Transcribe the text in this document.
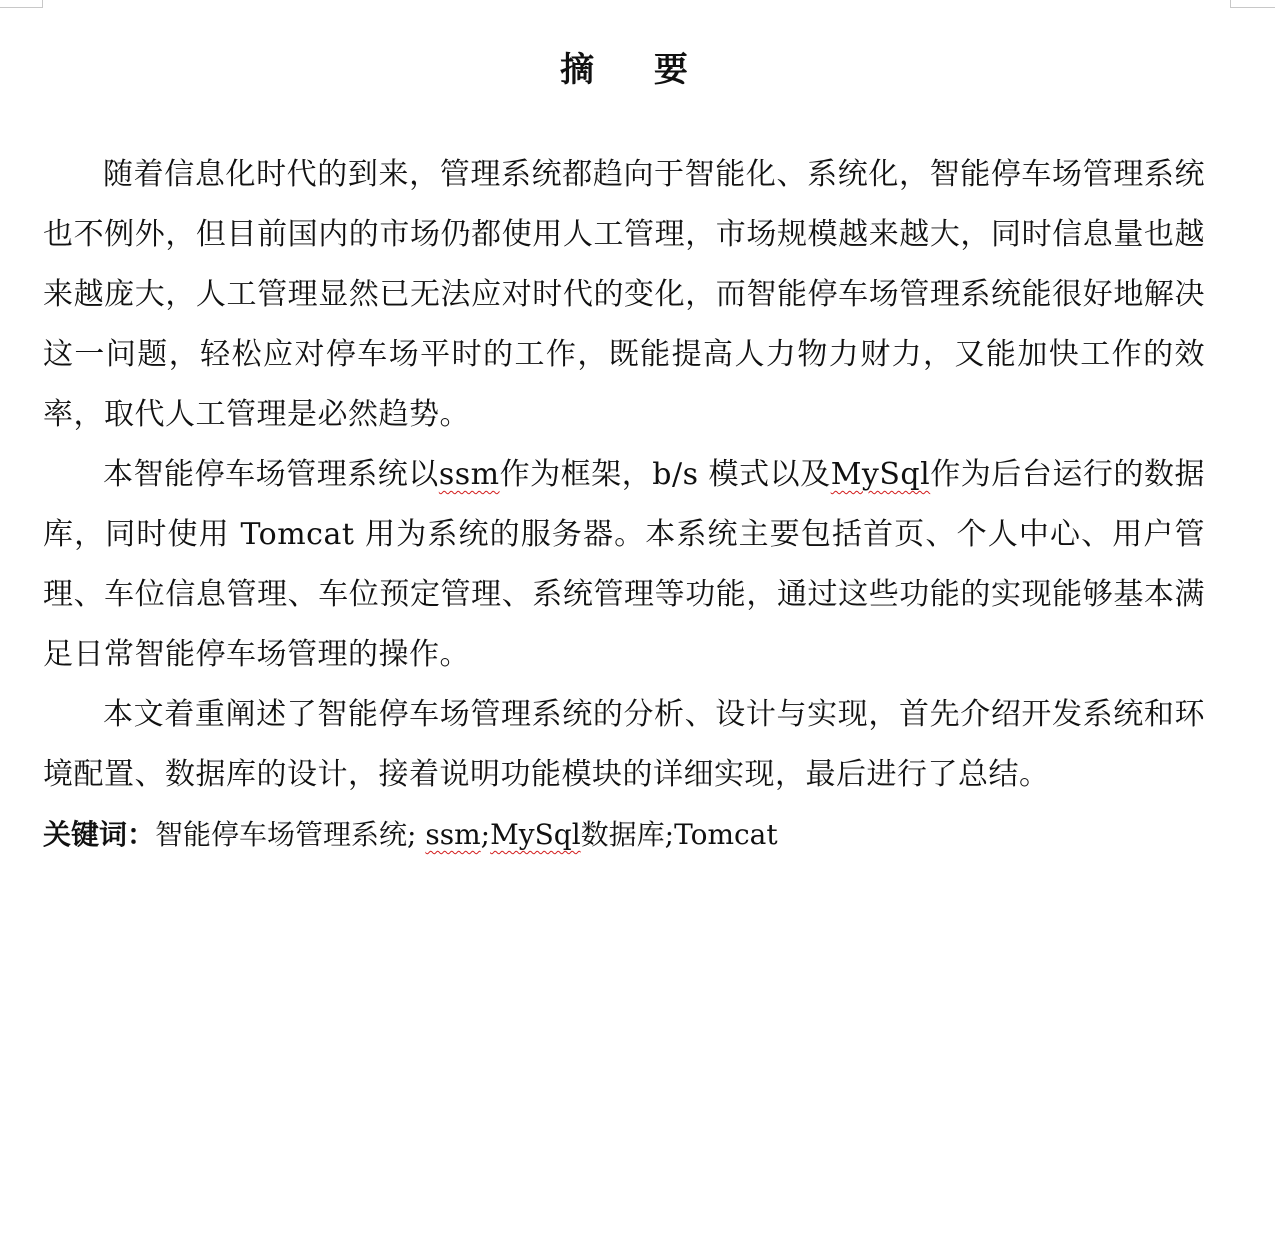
摘 要

随着信息化时代的到来，管理系统都趋向于智能化、系统化，智能停车场管理系统也不例外，但目前国内的市场仍都使用人工管理，市场规模越来越大，同时信息量也越来越庞大，人工管理显然已无法应对时代的变化，而智能停车场管理系统能很好地解决这一问题，轻松应对停车场平时的工作，既能提高人力物力财力，又能加快工作的效率，取代人工管理是必然趋势。

本智能停车场管理系统以ssm作为框架，b/s 模式以及MySql作为后台运行的数据库，同时使用 Tomcat 用为系统的服务器。本系统主要包括首页、个人中心、用户管理、车位信息管理、车位预定管理、系统管理等功能，通过这些功能的实现能够基本满足日常智能停车场管理的操作。

本文着重阐述了智能停车场管理系统的分析、设计与实现，首先介绍开发系统和环境配置、数据库的设计，接着说明功能模块的详细实现，最后进行了总结。

关键词：智能停车场管理系统; ssm;MySql数据库;Tomcat
